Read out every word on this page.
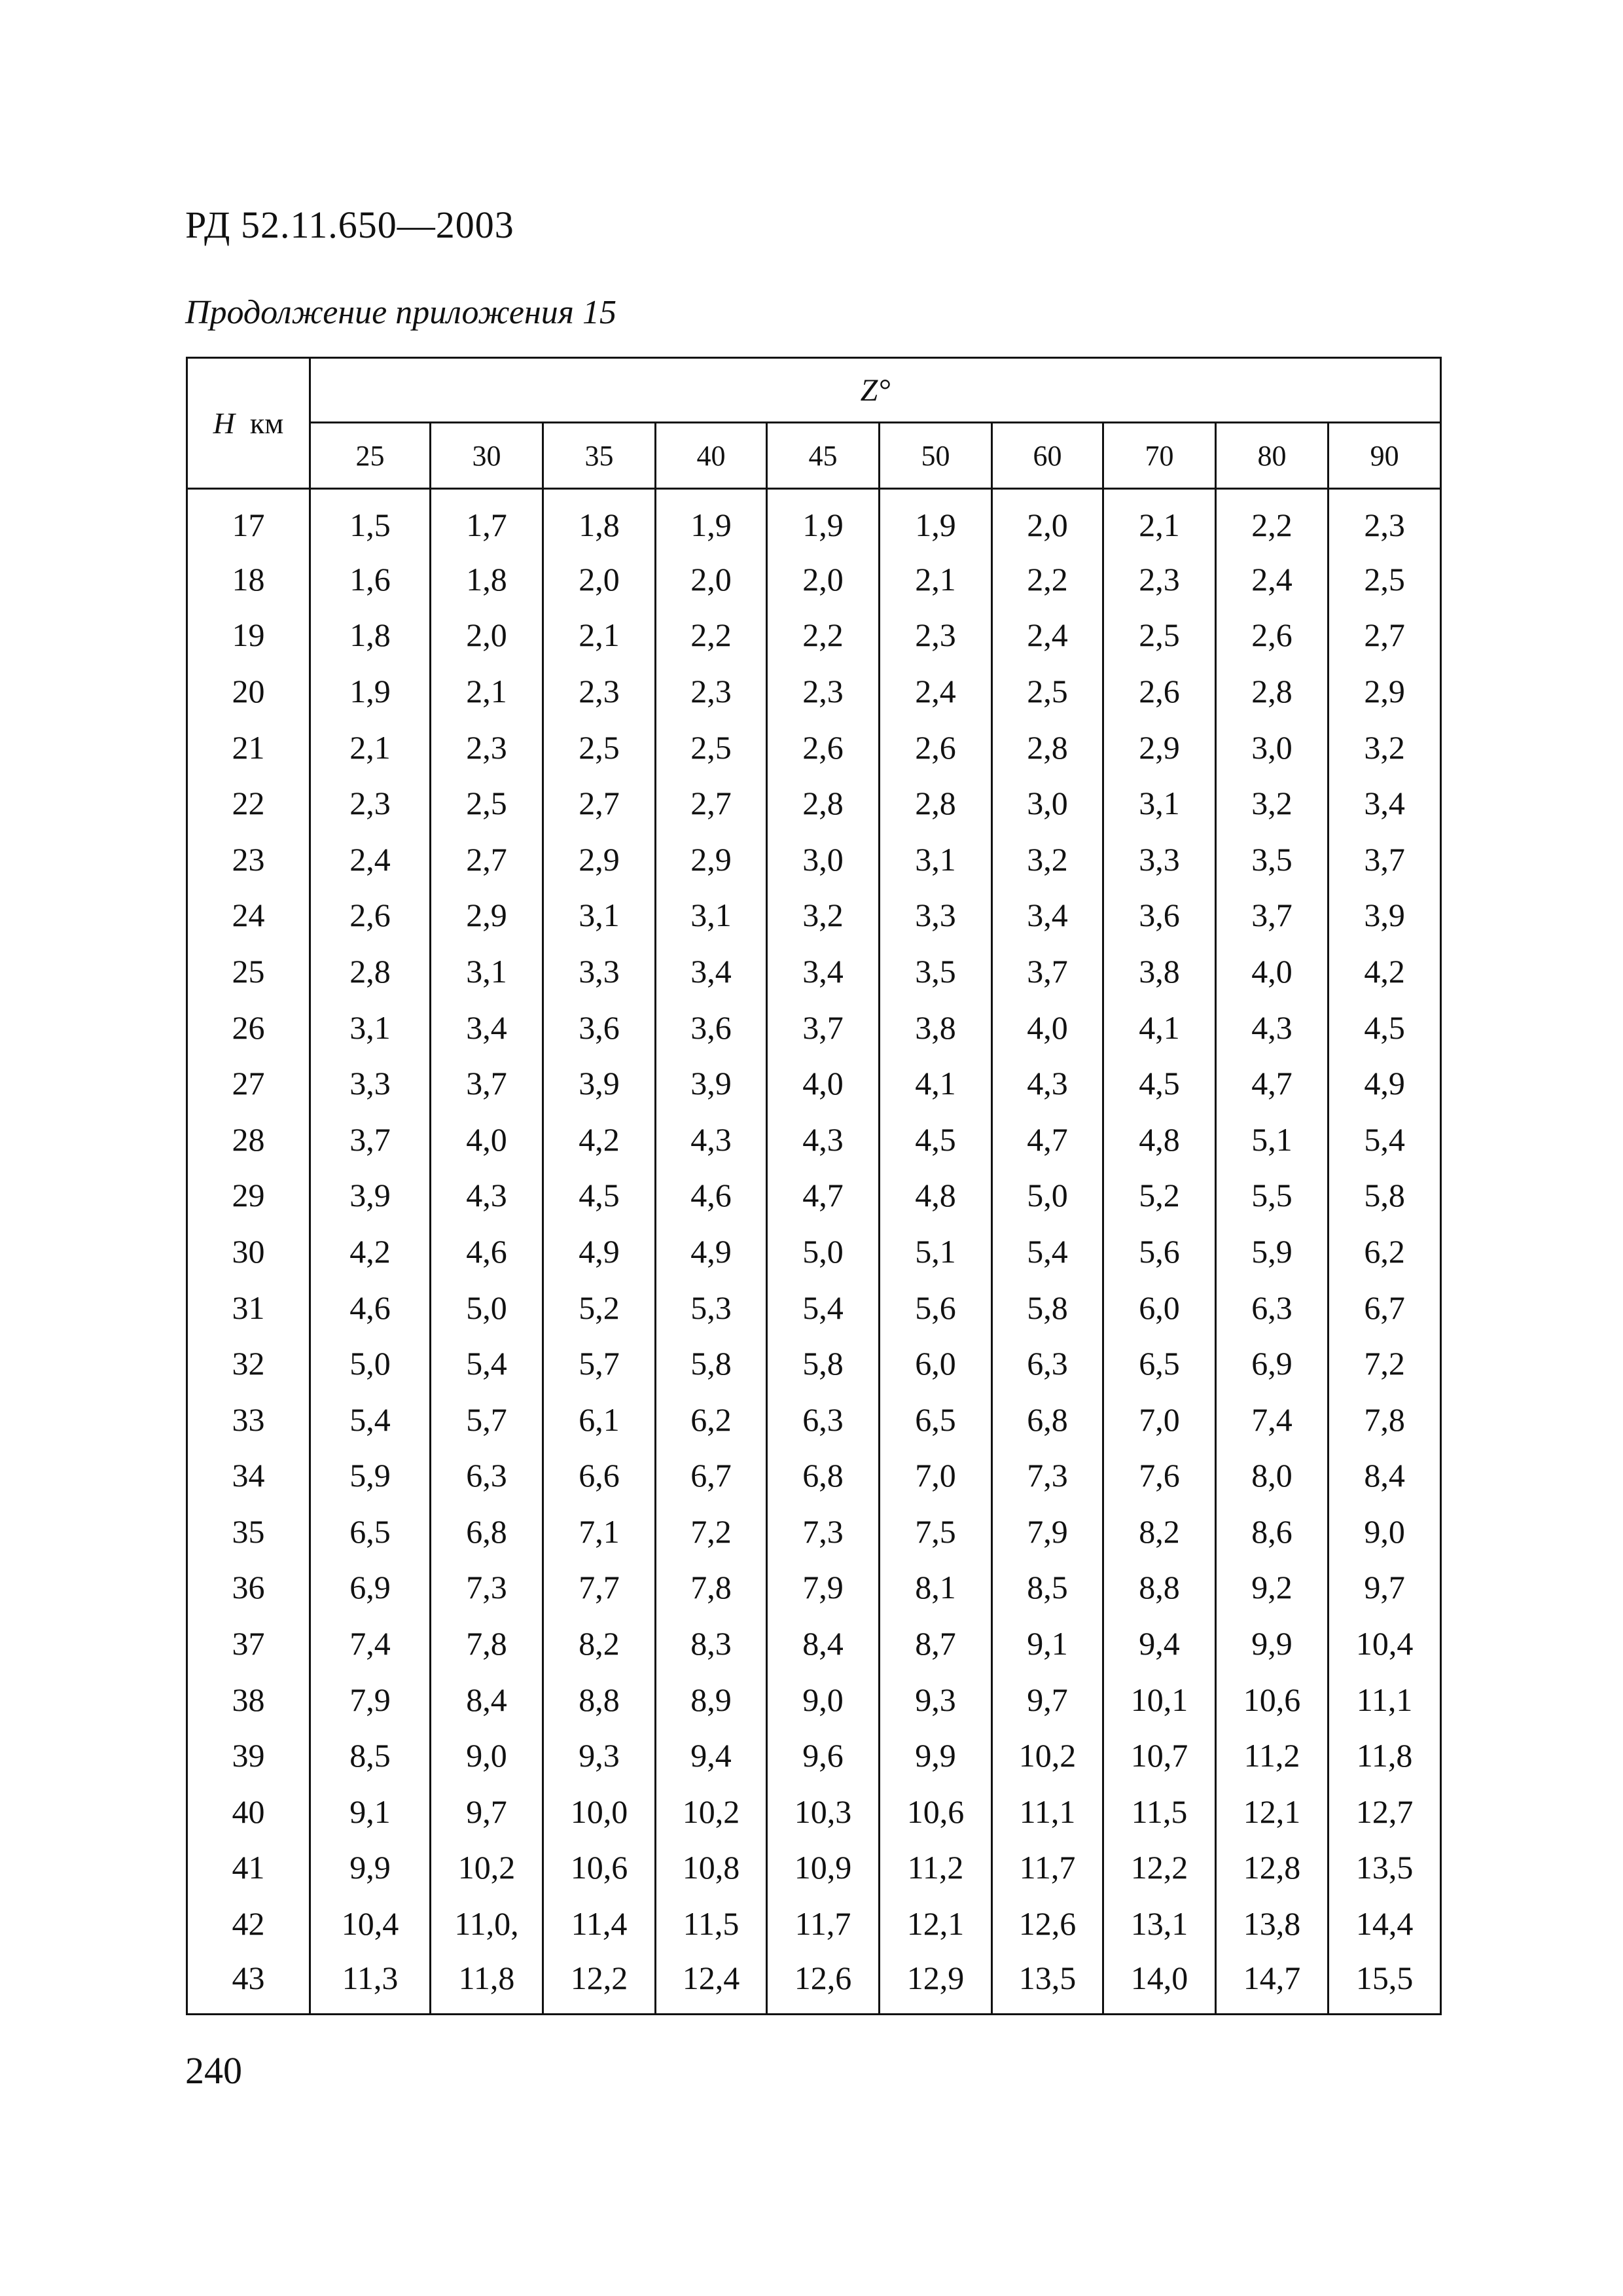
РД 52.11.650—2003
Продолжение приложения 15
H км	Z°									
	25	30	35	40	45	50	60	70	80	90
17	1,5	1,7	1,8	1,9	1,9	1,9	2,0	2,1	2,2	2,3
18	1,6	1,8	2,0	2,0	2,0	2,1	2,2	2,3	2,4	2,5
19	1,8	2,0	2,1	2,2	2,2	2,3	2,4	2,5	2,6	2,7
20	1,9	2,1	2,3	2,3	2,3	2,4	2,5	2,6	2,8	2,9
21	2,1	2,3	2,5	2,5	2,6	2,6	2,8	2,9	3,0	3,2
22	2,3	2,5	2,7	2,7	2,8	2,8	3,0	3,1	3,2	3,4
23	2,4	2,7	2,9	2,9	3,0	3,1	3,2	3,3	3,5	3,7
24	2,6	2,9	3,1	3,1	3,2	3,3	3,4	3,6	3,7	3,9
25	2,8	3,1	3,3	3,4	3,4	3,5	3,7	3,8	4,0	4,2
26	3,1	3,4	3,6	3,6	3,7	3,8	4,0	4,1	4,3	4,5
27	3,3	3,7	3,9	3,9	4,0	4,1	4,3	4,5	4,7	4,9
28	3,7	4,0	4,2	4,3	4,3	4,5	4,7	4,8	5,1	5,4
29	3,9	4,3	4,5	4,6	4,7	4,8	5,0	5,2	5,5	5,8
30	4,2	4,6	4,9	4,9	5,0	5,1	5,4	5,6	5,9	6,2
31	4,6	5,0	5,2	5,3	5,4	5,6	5,8	6,0	6,3	6,7
32	5,0	5,4	5,7	5,8	5,8	6,0	6,3	6,5	6,9	7,2
33	5,4	5,7	6,1	6,2	6,3	6,5	6,8	7,0	7,4	7,8
34	5,9	6,3	6,6	6,7	6,8	7,0	7,3	7,6	8,0	8,4
35	6,5	6,8	7,1	7,2	7,3	7,5	7,9	8,2	8,6	9,0
36	6,9	7,3	7,7	7,8	7,9	8,1	8,5	8,8	9,2	9,7
37	7,4	7,8	8,2	8,3	8,4	8,7	9,1	9,4	9,9	10,4
38	7,9	8,4	8,8	8,9	9,0	9,3	9,7	10,1	10,6	11,1
39	8,5	9,0	9,3	9,4	9,6	9,9	10,2	10,7	11,2	11,8
40	9,1	9,7	10,0	10,2	10,3	10,6	11,1	11,5	12,1	12,7
41	9,9	10,2	10,6	10,8	10,9	11,2	11,7	12,2	12,8	13,5
42	10,4	11,0,	11,4	11,5	11,7	12,1	12,6	13,1	13,8	14,4
43	11,3	11,8	12,2	12,4	12,6	12,9	13,5	14,0	14,7	15,5
240
